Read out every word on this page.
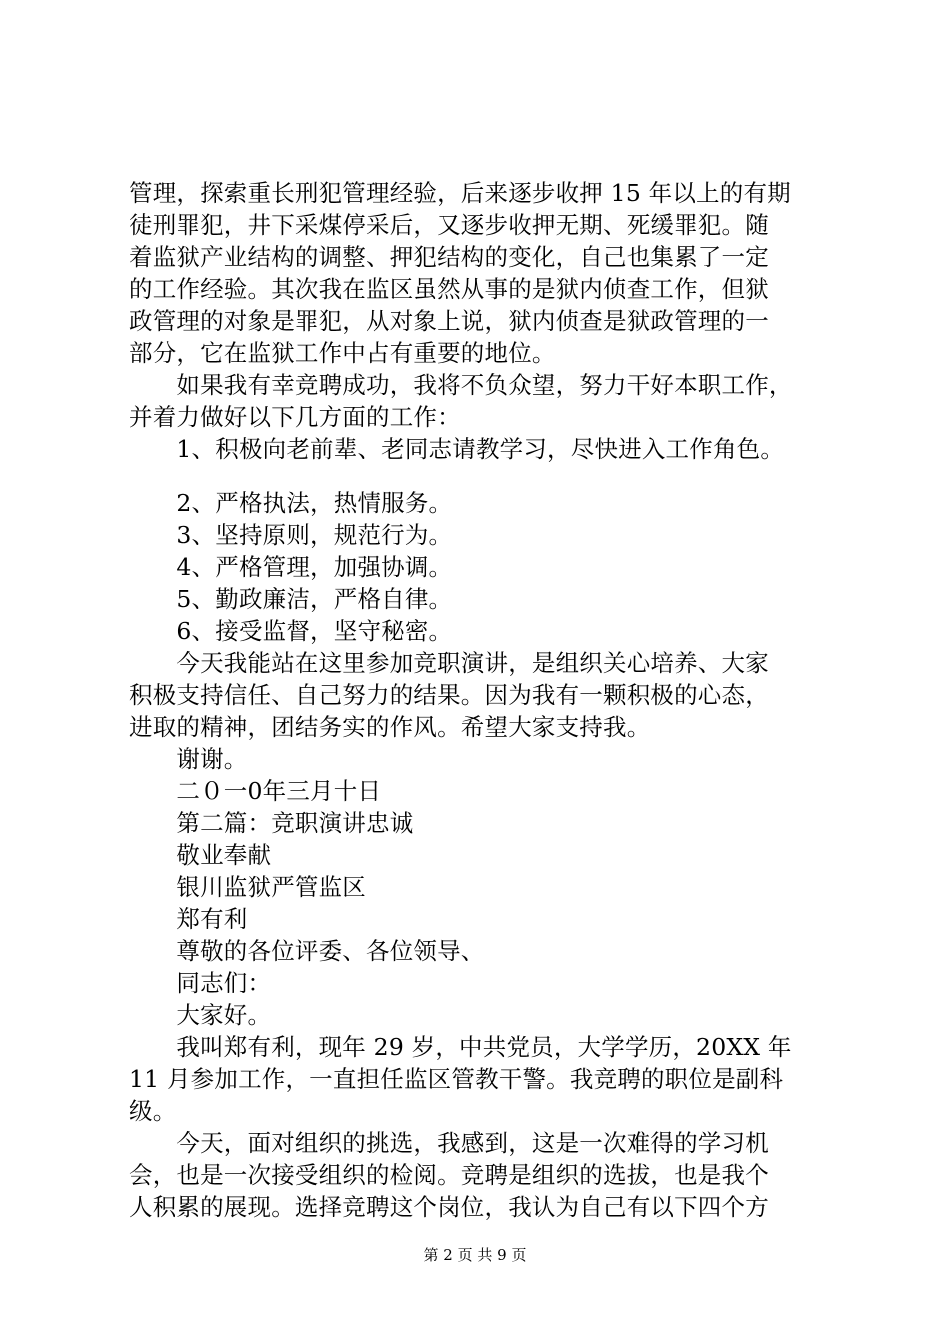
管理，探索重长刑犯管理经验，后来逐步收押 15 年以上的有期
徒刑罪犯，井下采煤停采后，又逐步收押无期、死缓罪犯。随
着监狱产业结构的调整、押犯结构的变化，自己也集累了一定
的工作经验。其次我在监区虽然从事的是狱内侦查工作，但狱
政管理的对象是罪犯，从对象上说，狱内侦查是狱政管理的一
部分，它在监狱工作中占有重要的地位。
　　如果我有幸竞聘成功，我将不负众望，努力干好本职工作，
并着力做好以下几方面的工作：
　　1、积极向老前辈、老同志请教学习，尽快进入工作角色。
　　2、严格执法，热情服务。
　　3、坚持原则，规范行为。
　　4、严格管理，加强协调。
　　5、勤政廉洁，严格自律。
　　6、接受监督，坚守秘密。
　　今天我能站在这里参加竞职演讲，是组织关心培养、大家
积极支持信任、自己努力的结果。因为我有一颗积极的心态，
进取的精神，团结务实的作风。希望大家支持我。
　　谢谢。
　　二０一0年三月十日
　　第二篇：竞职演讲忠诚
　　敬业奉献
　　银川监狱严管监区
　　郑有利
　　尊敬的各位评委、各位领导、
　　同志们：
　　大家好。
　　我叫郑有利，现年 29 岁，中共党员，大学学历，20XX 年
11 月参加工作，一直担任监区管教干警。我竞聘的职位是副科
级。
　　今天，面对组织的挑选，我感到，这是一次难得的学习机
会，也是一次接受组织的检阅。竞聘是组织的选拔，也是我个
人积累的展现。选择竞聘这个岗位，我认为自己有以下四个方
第 2 页 共 9 页
